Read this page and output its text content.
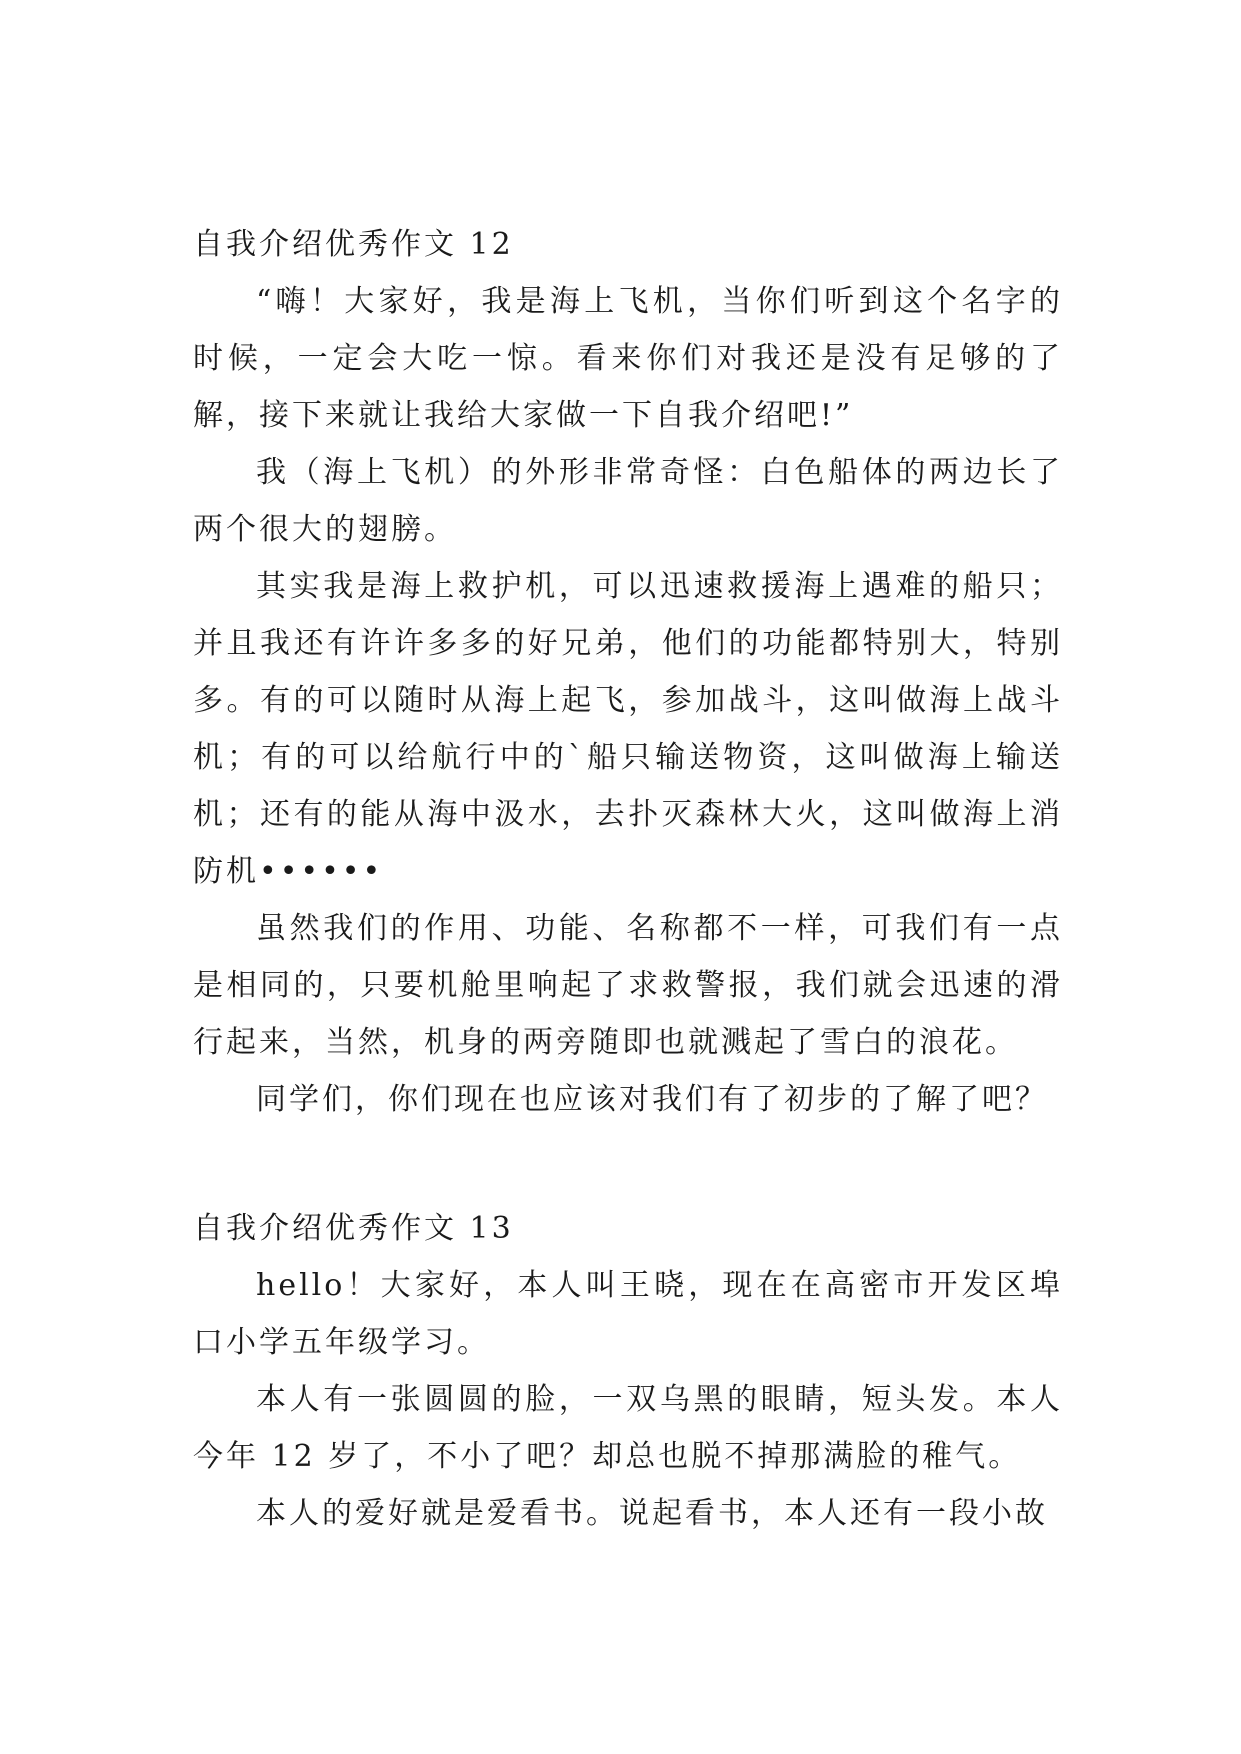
自我介绍优秀作文 12

“嗨！大家好，我是海上飞机，当你们听到这个名字的时候，一定会大吃一惊。看来你们对我还是没有足够的了解，接下来就让我给大家做一下自我介绍吧!”

我（海上飞机）的外形非常奇怪：白色船体的两边长了两个很大的翅膀。

其实我是海上救护机，可以迅速救援海上遇难的船只；并且我还有许许多多的好兄弟，他们的功能都特别大，特别多。有的可以随时从海上起飞，参加战斗，这叫做海上战斗机；有的可以给航行中的`船只输送物资，这叫做海上输送机；还有的能从海中汲水，去扑灭森林大火，这叫做海上消防机••••••

虽然我们的作用、功能、名称都不一样，可我们有一点是相同的，只要机舱里响起了求救警报，我们就会迅速的滑行起来，当然，机身的两旁随即也就溅起了雪白的浪花。

同学们，你们现在也应该对我们有了初步的了解了吧？

自我介绍优秀作文 13

hello！大家好，本人叫王晓，现在在高密市开发区埠口小学五年级学习。

本人有一张圆圆的脸，一双乌黑的眼睛，短头发。本人今年 12 岁了，不小了吧？却总也脱不掉那满脸的稚气。

本人的爱好就是爱看书。说起看书，本人还有一段小故
